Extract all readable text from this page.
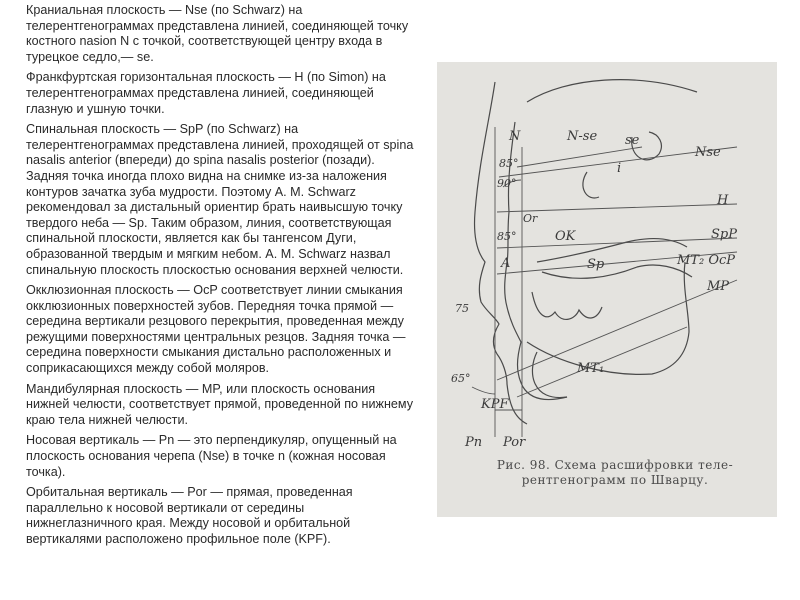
Краниальная плоскость — Nse (по Schwarz) на телерентгенограммах представлена линией, соединяющей точку костного nasion N с точкой, соответствующей центру входа в турецкое седло,— se.

Франкфуртская горизонтальная плоскость — H (по Simon) на телерентгенограммах представлена линией, соединяющей глазную и ушную точки.

Спинальная плоскость — SpP (по Schwarz) на телерентгенограммах представлена линией, проходящей от spina nasalis anterior (впереди) до spina nasalis posterior (позади). Задняя точка иногда плохо видна на снимке из-за наложения контуров зачатка зуба мудрости. Поэтому А. М. Schwarz рекомендовал за дистальный ориентир брать наивысшую точку твердого неба — Sp. Таким образом, линия, соответствующая спинальной плоскости, является как бы тангенсом Дуги, образованной твердым и мягким небом. А. М. Schwarz назвал спинальную плоскость плоскостью основания верхней челюсти.

Окклюзионная плоскость — OcP соответствует линии смыкания окклюзионных поверхностей зубов. Передняя точка прямой — середина вертикали резцового перекрытия, проведенная между режущими поверхностями центральных резцов. Задняя точка — середина поверхности смыкания дистально расположенных и соприкасающихся между собой моляров.

Мандибулярная плоскость — MP, или плоскость основания нижней челюсти, соответствует прямой, проведенной по нижнему краю тела нижней челюсти.

Носовая вертикаль — Pn — это перпендикуляр, опущенный на плоскость основания черепа (Nse) в точке n (кожная носовая точка).

Орбитальная вертикаль — Por — прямая, проведенная параллельно к носовой вертикали от середины нижнеглазничного края. Между носовой и орбитальной вертикалями расположено профильное поле (KPF).

N	N-se se
Nse
i
85°
90°
H
Or
OK
85°	SpP
A	Sp	MT₂ OcP
MP
75
MT₁
65°
KPF
Pn Por
Рис. 98. Схема расшифровки теле-
рентгенограмм по Шварцу.
